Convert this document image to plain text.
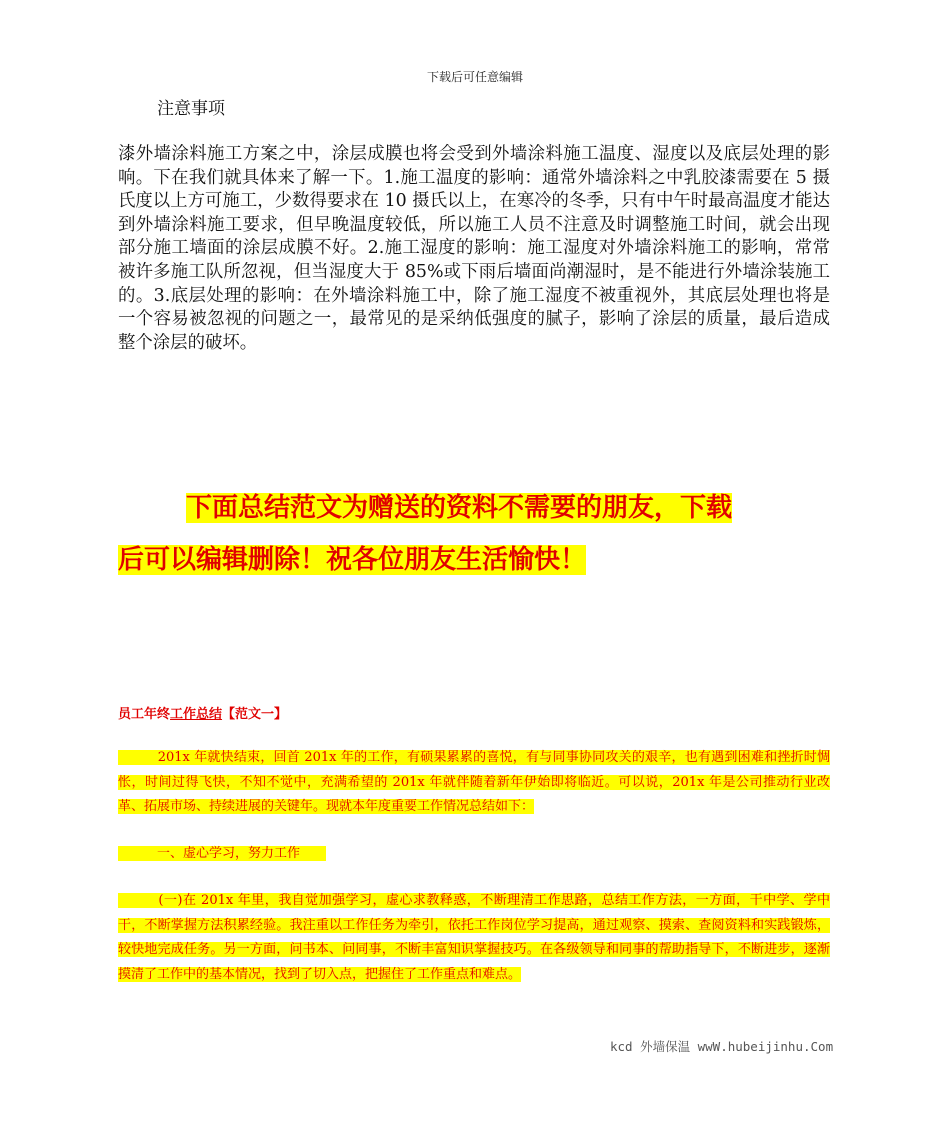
下载后可任意编辑
注意事项

漆外墙涂料施工方案之中，涂层成膜也将会受到外墙涂料施工温度、湿度以及底层处理的影响。下在我们就具体来了解一下。1.施工温度的影响：通常外墙涂料之中乳胶漆需要在 5 摄氏度以上方可施工，少数得要求在 10 摄氏以上，在寒冷的冬季，只有中午时最高温度才能达到外墙涂料施工要求，但早晚温度较低，所以施工人员不注意及时调整施工时间，就会出现部分施工墙面的涂层成膜不好。2.施工湿度的影响：施工湿度对外墙涂料施工的影响，常常被许多施工队所忽视，但当湿度大于 85%或下雨后墙面尚潮湿时，是不能进行外墙涂装施工的。3.底层处理的影响：在外墙涂料施工中，除了施工湿度不被重视外，其底层处理也将是一个容易被忽视的问题之一，最常见的是采纳低强度的腻子，影响了涂层的质量，最后造成整个涂层的破坏。

下面总结范文为赠送的资料不需要的朋友，下载

后可以编辑删除！祝各位朋友生活愉快！

员工年终工作总结【范文一】

　　　201x 年就快结束，回首 201x 年的工作，有硕果累累的喜悦，有与同事协同攻关的艰辛，也有遇到困难和挫折时惆怅，时间过得飞快，不知不觉中，充满希望的 201x 年就伴随着新年伊始即将临近。可以说，201x 年是公司推动行业改革、拓展市场、持续进展的关键年。现就本年度重要工作情况总结如下：

　　　一、虚心学习，努力工作　　

　　　(一)在 201x 年里，我自觉加强学习，虚心求教释惑，不断理清工作思路，总结工作方法，一方面，干中学、学中干，不断掌握方法积累经验。我注重以工作任务为牵引，依托工作岗位学习提高，通过观察、摸索、查阅资料和实践锻炼，较快地完成任务。另一方面，问书本、问同事，不断丰富知识掌握技巧。在各级领导和同事的帮助指导下，不断进步，逐渐摸清了工作中的基本情况，找到了切入点，把握住了工作重点和难点。

kcd 外墙保温 wwW.hubeijinhu.Com
